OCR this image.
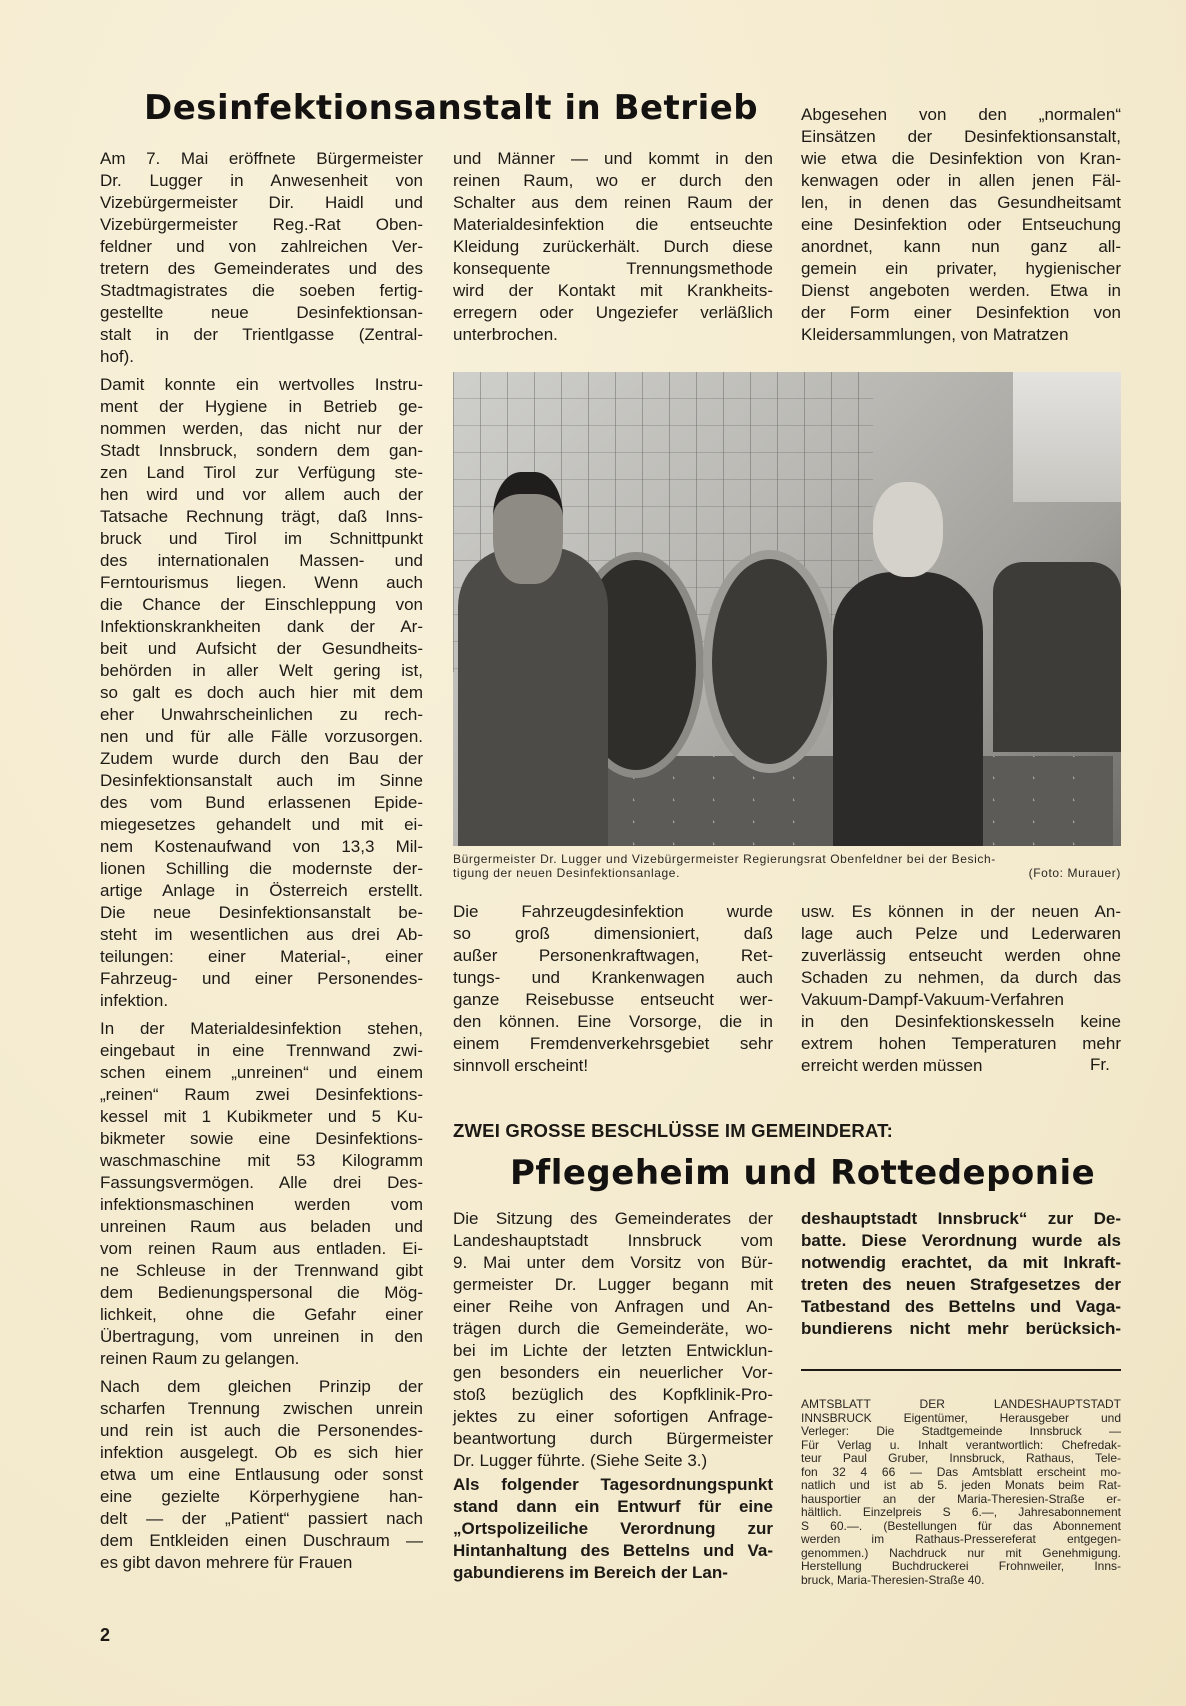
Desinfektionsanstalt in Betrieb

Am 7. Mai eröffnete Bürgermeister
Dr. Lugger in Anwesenheit von
Vizebürgermeister Dir. Haidl und
Vizebürgermeister Reg.-Rat Oben-
feldner und von zahlreichen Ver-
tretern des Gemeinderates und des
Stadtmagistrates die soeben fertig-
gestellte neue Desinfektionsan-
stalt in der Trientlgasse (Zentral-
hof).

Damit konnte ein wertvolles Instru-
ment der Hygiene in Betrieb ge-
nommen werden, das nicht nur der
Stadt Innsbruck, sondern dem gan-
zen Land Tirol zur Verfügung ste-
hen wird und vor allem auch der
Tatsache Rechnung trägt, daß Inns-
bruck und Tirol im Schnittpunkt
des internationalen Massen- und
Ferntourismus liegen. Wenn auch
die Chance der Einschleppung von
Infektionskrankheiten dank der Ar-
beit und Aufsicht der Gesundheits-
behörden in aller Welt gering ist,
so galt es doch auch hier mit dem
eher Unwahrscheinlichen zu rech-
nen und für alle Fälle vorzusorgen.
Zudem wurde durch den Bau der
Desinfektionsanstalt auch im Sinne
des vom Bund erlassenen Epide-
miegesetzes gehandelt und mit ei-
nem Kostenaufwand von 13,3 Mil-
lionen Schilling die modernste der-
artige Anlage in Österreich erstellt.
Die neue Desinfektionsanstalt be-
steht im wesentlichen aus drei Ab-
teilungen: einer Material-, einer
Fahrzeug- und einer Personendes-
infektion.

In der Materialdesinfektion stehen,
eingebaut in eine Trennwand zwi-
schen einem „unreinen“ und einem
„reinen“ Raum zwei Desinfektions-
kessel mit 1 Kubikmeter und 5 Ku-
bikmeter sowie eine Desinfektions-
waschmaschine mit 53 Kilogramm
Fassungsvermögen. Alle drei Des-
infektionsmaschinen werden vom
unreinen Raum aus beladen und
vom reinen Raum aus entladen. Ei-
ne Schleuse in der Trennwand gibt
dem Bedienungspersonal die Mög-
lichkeit, ohne die Gefahr einer
Übertragung, vom unreinen in den
reinen Raum zu gelangen.

Nach dem gleichen Prinzip der
scharfen Trennung zwischen unrein
und rein ist auch die Personendes-
infektion ausgelegt. Ob es sich hier
etwa um eine Entlausung oder sonst
eine gezielte Körperhygiene han-
delt — der „Patient“ passiert nach
dem Entkleiden einen Duschraum —
es gibt davon mehrere für Frauen

und Männer — und kommt in den
reinen Raum, wo er durch den
Schalter aus dem reinen Raum der
Materialdesinfektion die entseuchte
Kleidung zurückerhält. Durch diese
konsequente Trennungsmethode
wird der Kontakt mit Krankheits-
erregern oder Ungeziefer verläßlich
unterbrochen.

Abgesehen von den „normalen“
Einsätzen der Desinfektionsanstalt,
wie etwa die Desinfektion von Kran-
kenwagen oder in allen jenen Fäl-
len, in denen das Gesundheitsamt
eine Desinfektion oder Entseuchung
anordnet, kann nun ganz all-
gemein ein privater, hygienischer
Dienst angeboten werden. Etwa in
der Form einer Desinfektion von
Kleidersammlungen, von Matratzen

Bürgermeister Dr. Lugger und Vizebürgermeister Regierungsrat Obenfeldner bei der Besich-
tigung der neuen Desinfektionsanlage.	(Foto: Murauer)

Die Fahrzeugdesinfektion wurde
so groß dimensioniert, daß
außer Personenkraftwagen, Ret-
tungs- und Krankenwagen auch
ganze Reisebusse entseucht wer-
den können. Eine Vorsorge, die in
einem Fremdenverkehrsgebiet sehr
sinnvoll erscheint!

usw. Es können in der neuen An-
lage auch Pelze und Lederwaren
zuverlässig entseucht werden ohne
Schaden zu nehmen, da durch das
Vakuum-Dampf-Vakuum-Verfahren
in den Desinfektionskesseln keine
extrem hohen Temperaturen mehr
erreicht werden müssen	Fr.
ZWEI GROSSE BESCHLÜSSE IM GEMEINDERAT:
Pflegeheim und Rottedeponie

Die Sitzung des Gemeinderates der
Landeshauptstadt Innsbruck vom
9. Mai unter dem Vorsitz von Bür-
germeister Dr. Lugger begann mit
einer Reihe von Anfragen und An-
trägen durch die Gemeinderäte, wo-
bei im Lichte der letzten Entwicklun-
gen besonders ein neuerlicher Vor-
stoß bezüglich des Kopfklinik-Pro-
jektes zu einer sofortigen Anfrage-
beantwortung durch Bürgermeister
Dr. Lugger führte. (Siehe Seite 3.)

Als folgender Tagesordnungspunkt
stand dann ein Entwurf für eine
„Ortspolizeiliche Verordnung zur
Hintanhaltung des Bettelns und Va-
gabundierens im Bereich der Lan-

deshauptstadt Innsbruck“ zur De-
batte. Diese Verordnung wurde als
notwendig erachtet, da mit Inkraft-
treten des neuen Strafgesetzes der
Tatbestand des Bettelns und Vaga-
bundierens nicht mehr berücksich-

AMTSBLATT DER LANDESHAUPTSTADT
INNSBRUCK Eigentümer, Herausgeber und
Verleger: Die Stadtgemeinde Innsbruck —
Für Verlag u. Inhalt verantwortlich: Chefredak-
teur Paul Gruber, Innsbruck, Rathaus, Tele-
fon 32 4 66 — Das Amtsblatt erscheint mo-
natlich und ist ab 5. jeden Monats beim Rat-
hausportier an der Maria-Theresien-Straße er-
hältlich. Einzelpreis S 6.—, Jahresabonnement
S 60.—. (Bestellungen für das Abonnement
werden im Rathaus-Pressereferat entgegen-
genommen.) Nachdruck nur mit Genehmigung.
Herstellung Buchdruckerei Frohnweiler, Inns-
bruck, Maria-Theresien-Straße 40.
2
